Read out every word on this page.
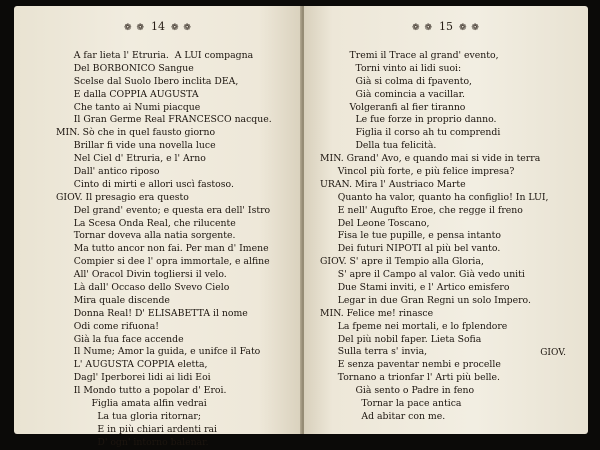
❁ ❁ 14 ❁ ❁
A far lieta l' Etruria.  A LUI compagna
Del BORBONICO Sangue
Scelse dal Suolo Ibero inclita DEA,
E dalla COPPIA AUGUSTA
Che tanto ai Numi piacque
Il Gran Germe Real FRANCESCO nacque.
MIN. Sò che in quel fausto giorno
Brillar fi vide una novella luce
Nel Ciel d' Etruria, e l' Arno
Dall' antico riposo
Cinto di mirti e allori uscì fastoso.
GIOV. Il presagio era questo
Del grand' evento; e questa era dell' Istro
La Scesa Onda Real, che rilucente
Tornar doveva alla natia sorgente.
Ma tutto ancor non fai. Per man d' Imene
Compier si dee l' opra immortale, e alfine
All' Oracol Divin togliersi il velo.
Là dall' Occaso dello Svevo Cielo
Mira quale discende
Donna Real! D' ELISABETTA il nome
Odi come rifuona!
Già la fua face accende
Il Nume; Amor la guida, e unifce il Fato
L' AUGUSTA COPPIA eletta,
Dagl' Iperborei lidi ai lidi Eoi
Il Mondo tutto a popolar d' Eroi.
Figlia amata alfin vedrai
La tua gloria ritornar;
E in più chiari ardenti rai
D' ogn' intorno balenar.
❁ ❁ 15 ❁ ❁
Tremi il Trace al grand' evento,
Torni vinto ai lidi suoi:
Già si colma di fpavento,
Già comincia a vacillar.
Volgeranfi al fier tiranno
Le fue forze in proprio danno.
Figlia il corso ah tu comprendi
Della tua felicità.
MIN. Grand' Avo, e quando mai si vide in terra
Vincol più forte, e più felice impresa?
URAN. Mira l' Austriaco Marte
Quanto ha valor, quanto ha configlio! In LUI,
E nell' Augufto Eroe, che regge il freno
Del Leone Toscano,
Fisa le tue pupille, e pensa intanto
Dei futuri NIPOTI al più bel vanto.
GIOV. S' apre il Tempio alla Gloria,
S' apre il Campo al valor. Già vedo uniti
Due Stami inviti, e l' Artico emisfero
Legar in due Gran Regni un solo Impero.
MIN. Felice me! rinasce
La fpeme nei mortali, e lo fplendore
Del più nobil faper. Lieta Sofia
Sulla terra s' invia,
E senza paventar nembi e procelle
Tornano a trionfar l' Arti più belle.
Già sento o Padre in feno
Tornar la pace antica
Ad abitar con me.
GIOV.
